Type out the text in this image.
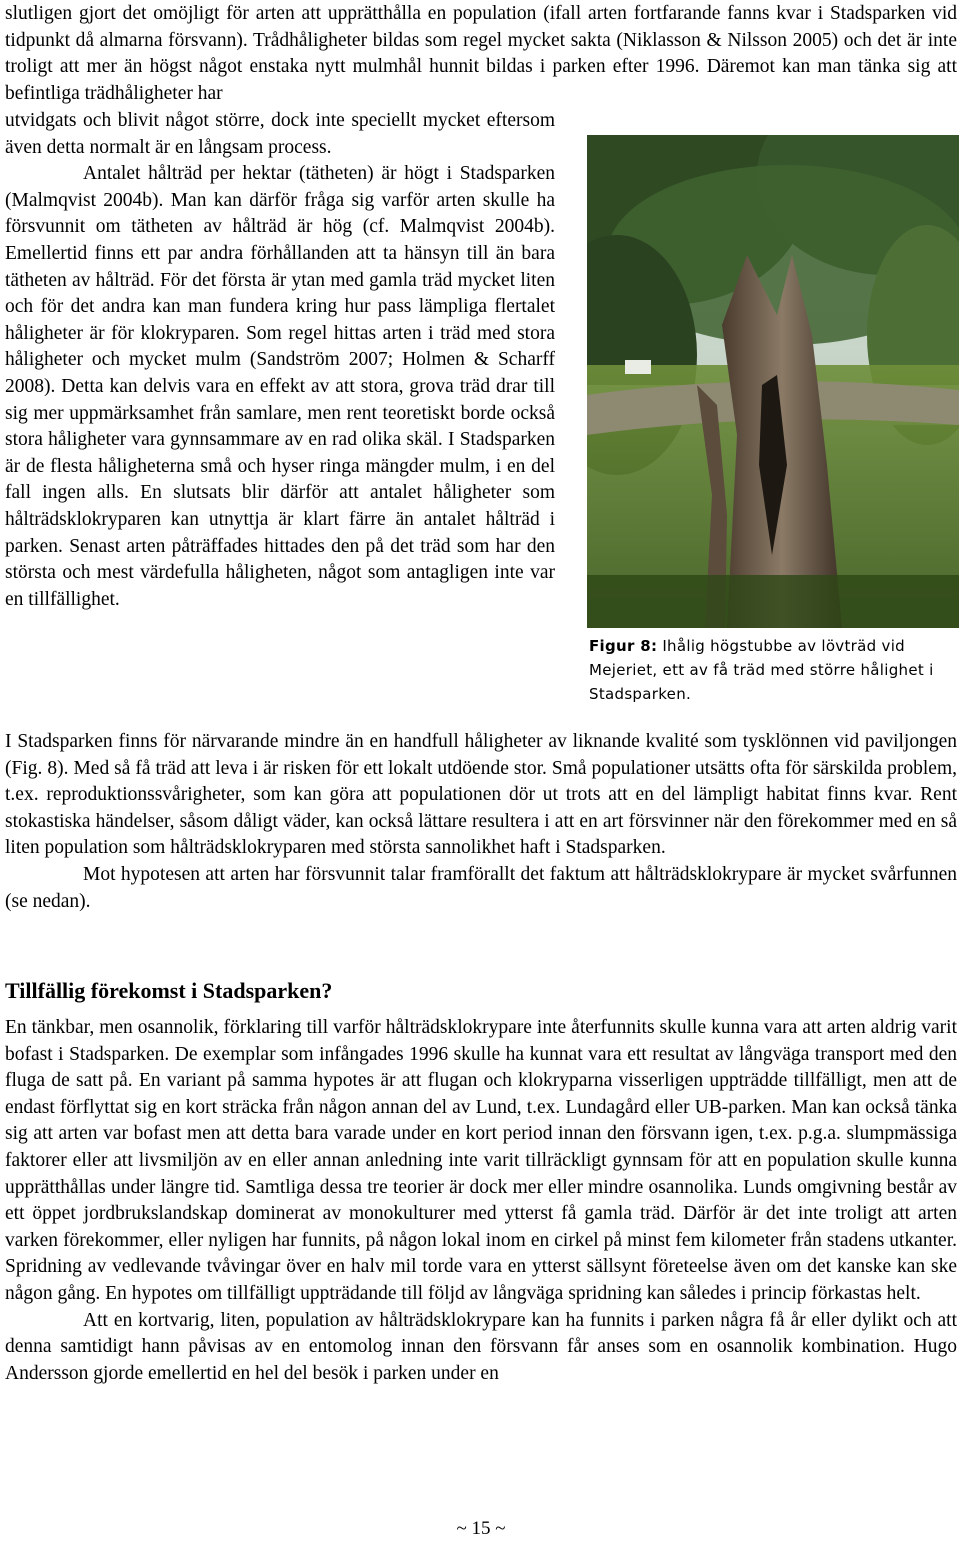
slutligen gjort det omöjligt för arten att upprätthålla en population (ifall arten fortfarande fanns kvar i Stadsparken vid tidpunkt då almarna försvann). Trådhåligheter bildas som regel mycket sakta (Niklasson & Nilsson 2005) och det är inte troligt att mer än högst något enstaka nytt mulmhål hunnit bildas i parken efter 1996. Däremot kan man tänka sig att befintliga trädhåligheter har

utvidgats och blivit något större, dock inte speciellt mycket eftersom även detta normalt är en långsam process.

Antalet hålträd per hektar (tätheten) är högt i Stadsparken (Malmqvist 2004b). Man kan därför fråga sig varför arten skulle ha försvunnit om tätheten av hålträd är hög (cf. Malmqvist 2004b). Emellertid finns ett par andra förhållanden att ta hänsyn till än bara tätheten av hålträd. För det första är ytan med gamla träd mycket liten och för det andra kan man fundera kring hur pass lämpliga flertalet håligheter är för klokryparen. Som regel hittas arten i träd med stora håligheter och mycket mulm (Sandström 2007; Holmen & Scharff 2008). Detta kan delvis vara en effekt av att stora, grova träd drar till sig mer uppmärksamhet från samlare, men rent teoretiskt borde också stora håligheter vara gynnsammare av en rad olika skäl. I Stadsparken är de flesta håligheterna små och hyser ringa mängder mulm, i en del fall ingen alls. En slutsats blir därför att antalet håligheter som hålträdsklokryparen kan utnyttja är klart färre än antalet hålträd i parken. Senast arten påträffades hittades den på det träd som har den största och mest värdefulla håligheten, något som antagligen inte var en tillfällighet.

Figur 8: Ihålig högstubbe av lövträd vid Mejeriet, ett av få träd med större hålighet i Stadsparken.

I Stadsparken finns för närvarande mindre än en handfull håligheter av liknande kvalité som tysklönnen vid paviljongen (Fig. 8). Med så få träd att leva i är risken för ett lokalt utdöende stor. Små populationer utsätts ofta för särskilda problem, t.ex. reproduktionssvårigheter, som kan göra att populationen dör ut trots att en del lämpligt habitat finns kvar. Rent stokastiska händelser, såsom dåligt väder, kan också lättare resultera i att en art försvinner när den förekommer med en så liten population som hålträdsklokryparen med största sannolikhet haft i Stadsparken.

Mot hypotesen att arten har försvunnit talar framförallt det faktum att hålträdsklokrypare är mycket svårfunnen (se nedan).

Tillfällig förekomst i Stadsparken?

En tänkbar, men osannolik, förklaring till varför hålträdsklokrypare inte återfunnits skulle kunna vara att arten aldrig varit bofast i Stadsparken. De exemplar som infångades 1996 skulle ha kunnat vara ett resultat av långväga transport med den fluga de satt på. En variant på samma hypotes är att flugan och klokryparna visserligen uppträdde tillfälligt, men att de endast förflyttat sig en kort sträcka från någon annan del av Lund, t.ex. Lundagård eller UB-parken. Man kan också tänka sig att arten var bofast men att detta bara varade under en kort period innan den försvann igen, t.ex. p.g.a. slumpmässiga faktorer eller att livsmiljön av en eller annan anledning inte varit tillräckligt gynnsam för att en population skulle kunna upprätthållas under längre tid. Samtliga dessa tre teorier är dock mer eller mindre osannolika. Lunds omgivning består av ett öppet jordbrukslandskap dominerat av monokulturer med ytterst få gamla träd. Därför är det inte troligt att arten varken förekommer, eller nyligen har funnits, på någon lokal inom en cirkel på minst fem kilometer från stadens utkanter. Spridning av vedlevande tvåvingar över en halv mil torde vara en ytterst sällsynt företeelse även om det kanske kan ske någon gång. En hypotes om tillfälligt uppträdande till följd av långväga spridning kan således i princip förkastas helt.

Att en kortvarig, liten, population av hålträdsklokrypare kan ha funnits i parken några få år eller dylikt och att denna samtidigt hann påvisas av en entomolog innan den försvann får anses som en osannolik kombination. Hugo Andersson gjorde emellertid en hel del besök i parken under en

~ 15 ~
